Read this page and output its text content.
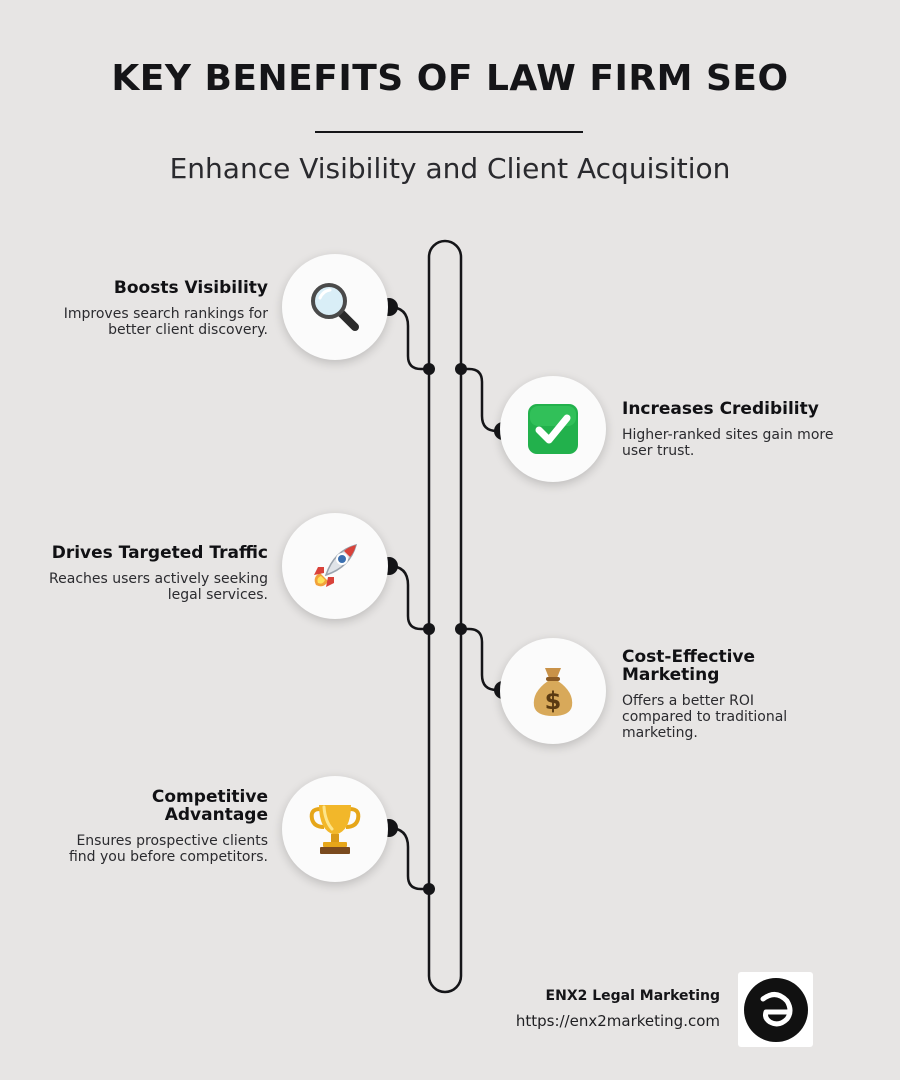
KEY BENEFITS OF LAW FIRM SEO
Enhance Visibility and Client Acquisition
$
Boosts Visibility

Improves search rankings for better client discovery.

Increases Credibility

Higher-ranked sites gain more user trust.

Drives Targeted Traffic

Reaches users actively seeking legal services.

Cost-Effective Marketing

Offers a better ROI compared to traditional marketing.

Competitive Advantage

Ensures prospective clients find you before competitors.

ENX2 Legal Marketing
https://enx2marketing.com
